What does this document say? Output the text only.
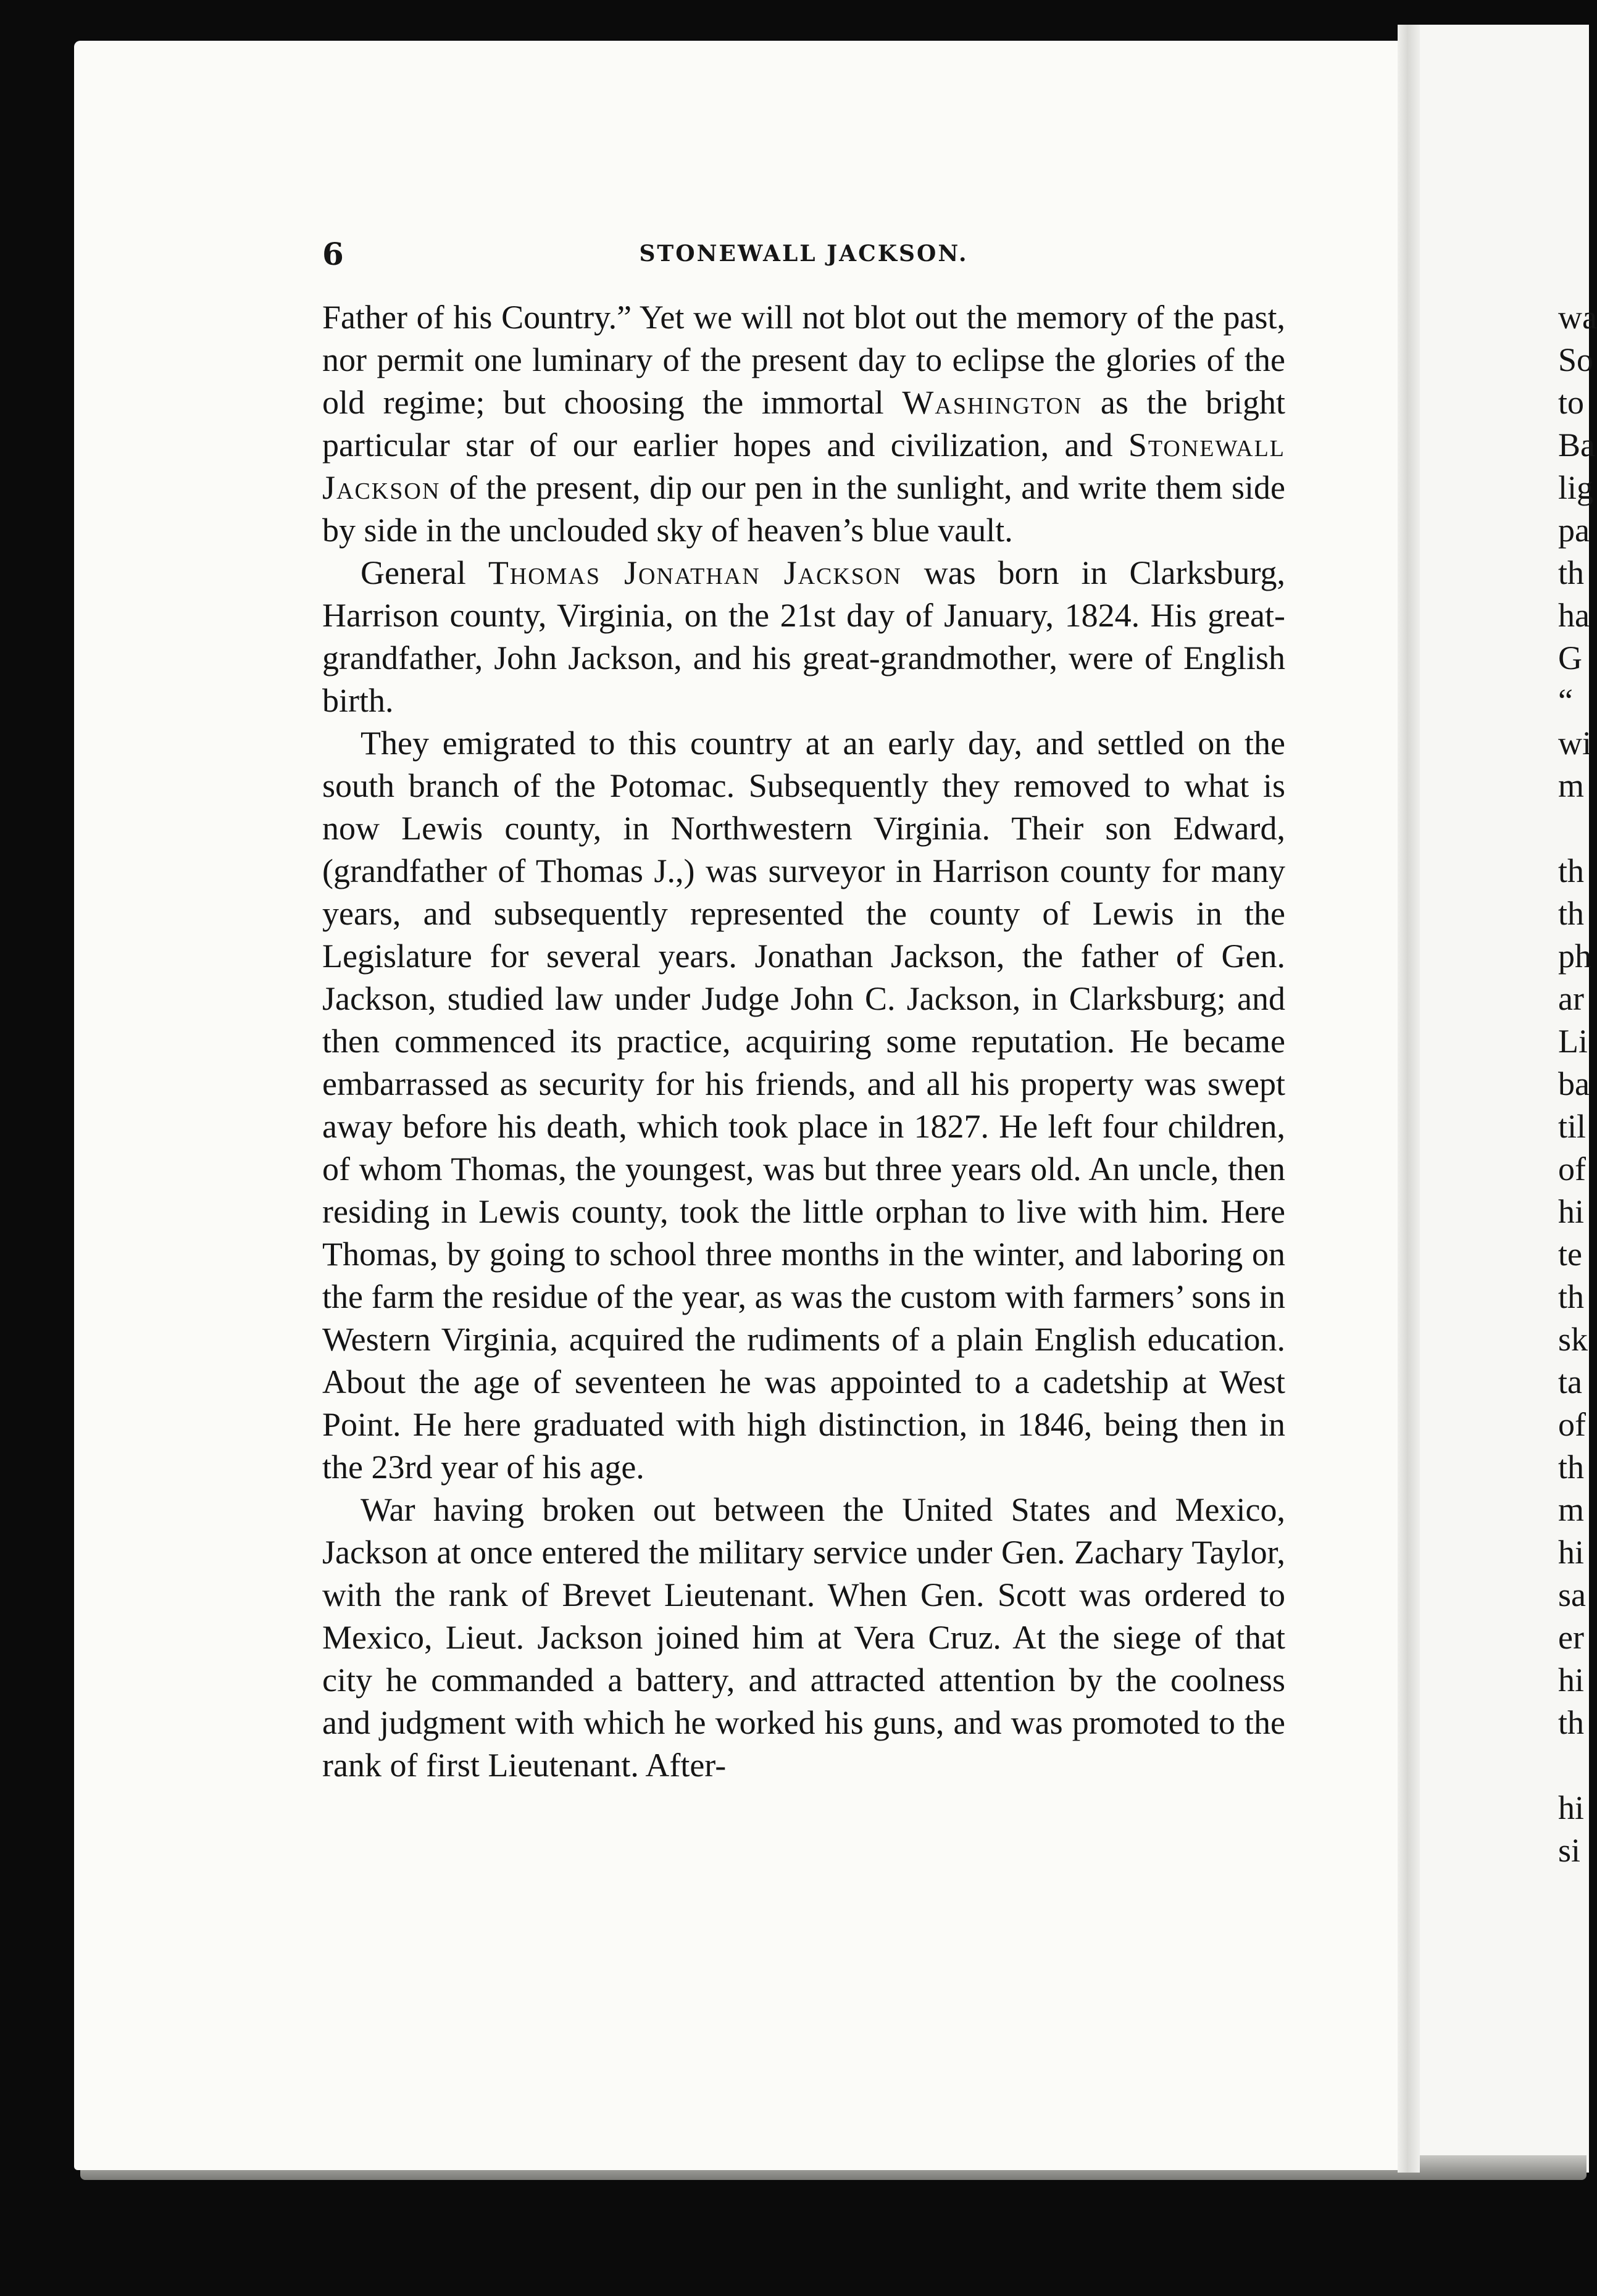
6	STONEWALL JACKSON.

Father of his Country.” Yet we will not blot out the memory of the past, nor permit one luminary of the present day to eclipse the glories of the old regime; but choosing the immortal Washington as the bright particular star of our earlier hopes and civilization, and Stonewall Jackson of the present, dip our pen in the sunlight, and write them side by side in the unclouded sky of heaven’s blue vault.

General Thomas Jonathan Jackson was born in Clarksburg, Harrison county, Virginia, on the 21st day of January, 1824. His great-grandfather, John Jackson, and his great-grandmother, were of English birth.

They emigrated to this country at an early day, and settled on the south branch of the Potomac. Subsequently they removed to what is now Lewis county, in Northwestern Virginia. Their son Edward, (grandfather of Thomas J.,) was surveyor in Harrison county for many years, and subsequently represented the county of Lewis in the Legislature for several years. Jonathan Jackson, the father of Gen. Jackson, studied law under Judge John C. Jackson, in Clarksburg; and then commenced its practice, acquiring some reputation. He became embarrassed as security for his friends, and all his property was swept away before his death, which took place in 1827. He left four children, of whom Thomas, the youngest, was but three years old. An uncle, then residing in Lewis county, took the little orphan to live with him. Here Thomas, by going to school three months in the winter, and laboring on the farm the residue of the year, as was the custom with farmers’ sons in Western Virginia, acquired the rudiments of a plain English education. About the age of seventeen he was appointed to a cadetship at West Point. He here graduated with high distinction, in 1846, being then in the 23rd year of his age.

War having broken out between the United States and Mexico, Jackson at once entered the military service under Gen. Zachary Taylor, with the rank of Brevet Lieutenant. When Gen. Scott was ordered to Mexico, Lieut. Jackson joined him at Vera Cruz. At the siege of that city he commanded a battery, and attracted attention by the coolness and judgment with which he worked his guns, and was promoted to the rank of first Lieutenant. After-

wa
So
to
Ba
lig
pa
th
ha
G
“
wi
m
th
th
ph
ar
Li
ba
til
of
hi
te
th
sk
ta
of
th
m
hi
sa
er
hi
th
hi
si
